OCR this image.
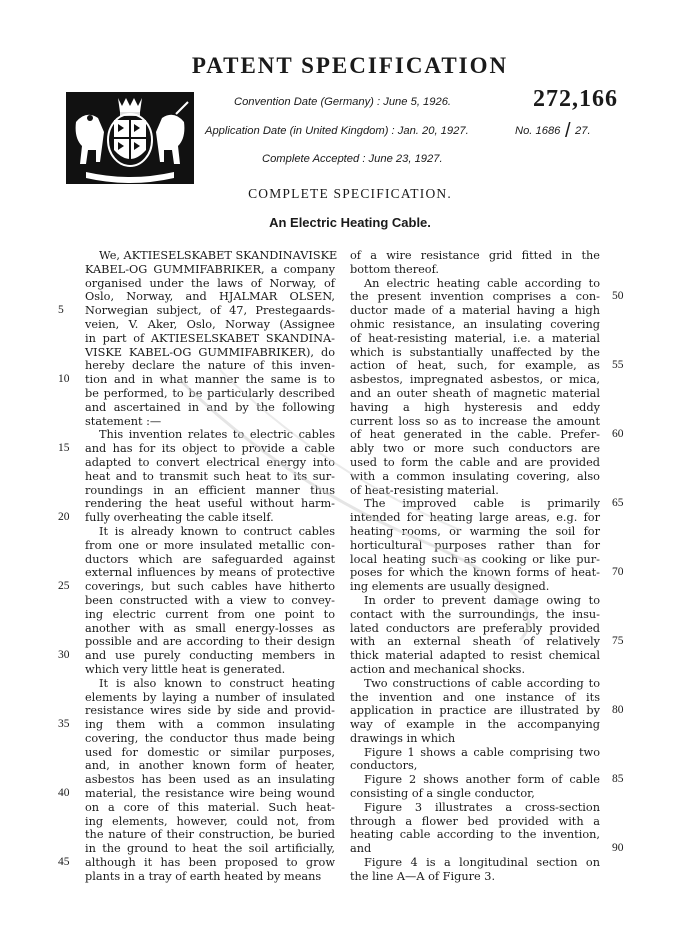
PATENT SPECIFICATION
Convention Date (Germany) : June 5, 1926.
Application Date (in United Kingdom) : Jan. 20, 1927.	No. 1686 / 27.
Complete Accepted : June 23, 1927.
272,166
COMPLETE SPECIFICATION.
An Electric Heating Cable.
We, AKTIESELSKABET SKANDINAVISKE
KABEL-OG GUMMIFABRIKER, a company
organised under the laws of Norway, of
Oslo, Norway, and HJALMAR OLSEN,
Norwegian subject, of 47, Prestegaards-
veien, V. Aker, Oslo, Norway (Assignee
in part of AKTIESELSKABET SKANDINA-
VISKE KABEL-OG GUMMIFABRIKER), do
hereby declare the nature of this inven-
tion and in what manner the same is to
be performed, to be particularly described
and ascertained in and by the following
statement :—
This invention relates to electric cables
and has for its object to provide a cable
adapted to convert electrical energy into
heat and to transmit such heat to its sur-
roundings in an efficient manner thus
rendering the heat useful without harm-
fully overheating the cable itself.
It is already known to contruct cables
from one or more insulated metallic con-
ductors which are safeguarded against
external influences by means of protective
coverings, but such cables have hitherto
been constructed with a view to convey-
ing electric current from one point to
another with as small energy-losses as
possible and are according to their design
and use purely conducting members in
which very little heat is generated.
It is also known to construct heating
elements by laying a number of insulated
resistance wires side by side and provid-
ing them with a common insulating
covering, the conductor thus made being
used for domestic or similar purposes,
and, in another known form of heater,
asbestos has been used as an insulating
material, the resistance wire being wound
on a core of this material. Such heat-
ing elements, however, could not, from
the nature of their construction, be buried
in the ground to heat the soil artificially,
although it has been proposed to grow
plants in a tray of earth heated by means
of a wire resistance grid fitted in the
bottom thereof.
An electric heating cable according to
the present invention comprises a con-
ductor made of a material having a high
ohmic resistance, an insulating covering
of heat-resisting material, i.e. a material
which is substantially unaffected by the
action of heat, such, for example, as
asbestos, impregnated asbestos, or mica,
and an outer sheath of magnetic material
having a high hysteresis and eddy
current loss so as to increase the amount
of heat generated in the cable. Prefer-
ably two or more such conductors are
used to form the cable and are provided
with a common insulating covering, also
of heat-resisting material.
The improved cable is primarily
intended for heating large areas, e.g. for
heating rooms, or warming the soil for
horticultural purposes rather than for
local heating such as cooking or like pur-
poses for which the known forms of heat-
ing elements are usually designed.
In order to prevent damage owing to
contact with the surroundings, the insu-
lated conductors are preferably provided
with an external sheath of relatively
thick material adapted to resist chemical
action and mechanical shocks.
Two constructions of cable according to
the invention and one instance of its
application in practice are illustrated by
way of example in the accompanying
drawings in which
Figure 1 shows a cable comprising two
conductors,
Figure 2 shows another form of cable
consisting of a single conductor,
Figure 3 illustrates a cross-section
through a flower bed provided with a
heating cable according to the invention,
and
Figure 4 is a longitudinal section on
the line A—A of Figure 3.
5
10
15
20
25
30
35
40
45
50
55
60
65
70
75
80
85
90
